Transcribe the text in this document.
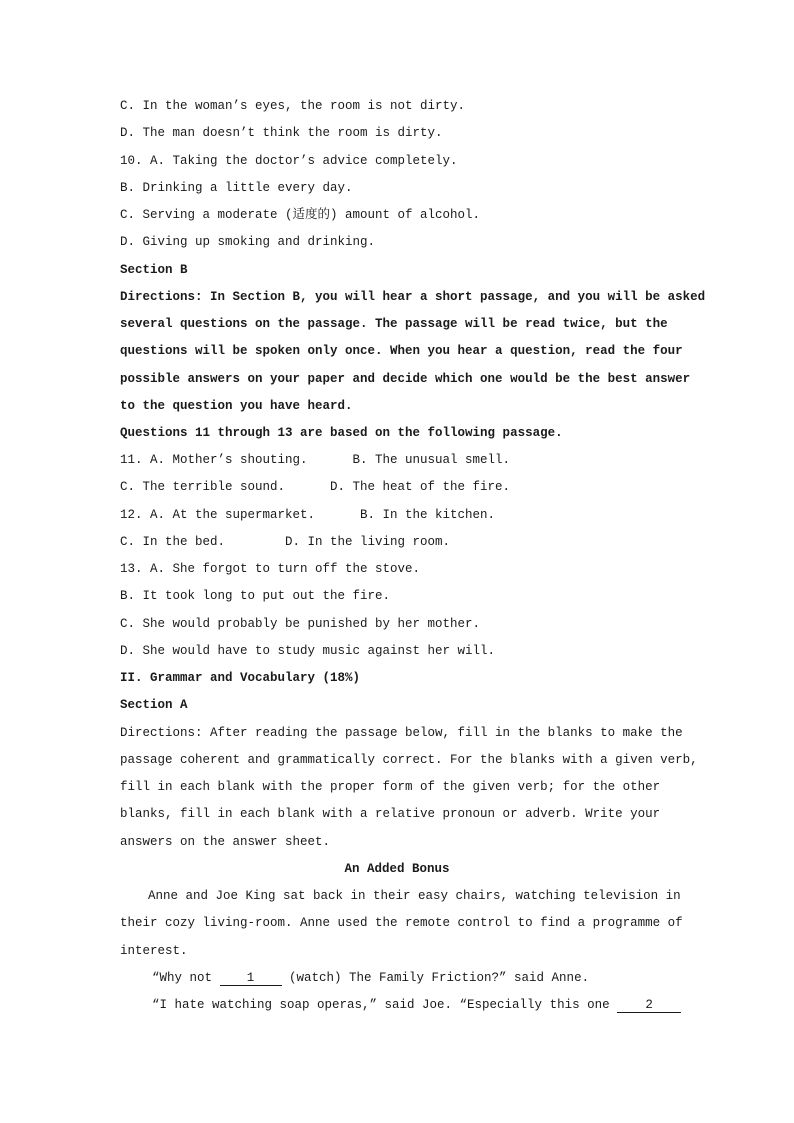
C. In the woman’s eyes, the room is not dirty.
D. The man doesn’t think the room is dirty.
10. A. Taking the doctor’s advice completely.
B. Drinking a little every day.
C. Serving a moderate (适度的) amount of alcohol.
D. Giving up smoking and drinking.
Section B
Directions: In Section B, you will hear a short passage, and you will be asked
several questions on the passage. The passage will be read twice, but the
questions will be spoken only once. When you hear a question, read the four
possible answers on your paper and decide which one would be the best answer
to the question you have heard.
Questions 11 through 13 are based on the following passage.
11. A. Mother’s shouting.      B. The unusual smell.
C. The terrible sound.      D. The heat of the fire.
12. A. At the supermarket.      B. In the kitchen.
C. In the bed.        D. In the living room.
13. A. She forgot to turn off the stove.
B. It took long to put out the fire.
C. She would probably be punished by her mother.
D. She would have to study music against her will.
II. Grammar and Vocabulary (18%)
Section A
Directions: After reading the passage below, fill in the blanks to make the
passage coherent and grammatically correct. For the blanks with a given verb,
fill in each blank with the proper form of the given verb; for the other
blanks, fill in each blank with a relative pronoun or adverb. Write your
answers on the answer sheet.
An Added Bonus
Anne and Joe King sat back in their easy chairs, watching television in
their cozy living-room. Anne used the remote control to find a programme of
interest.
“Why not 1 (watch) The Family Friction?” said Anne.
“I hate watching soap operas,” said Joe. “Especially this one 2
